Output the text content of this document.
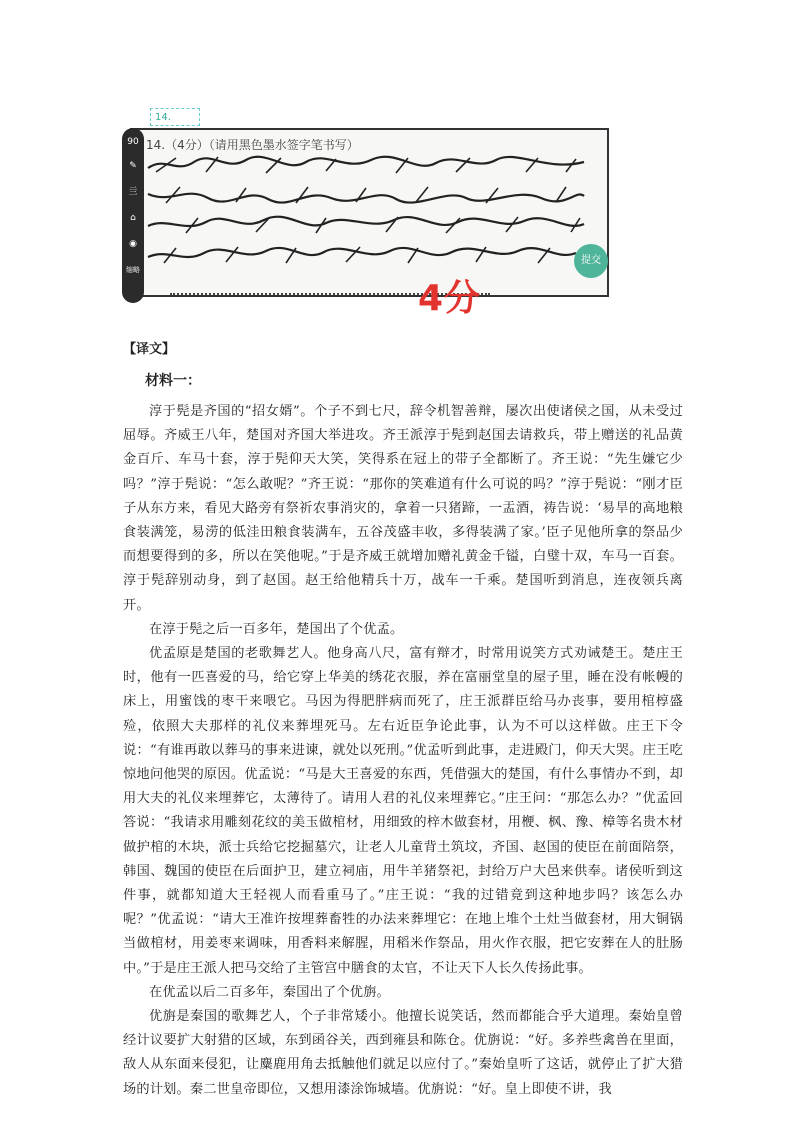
14.
14.（4分）（请用黑色墨水签字笔书写）
90
✎
亖
⌂
◉
缩略
提交
4分
【译文】
材料一：

淳于髡是齐国的“招女婿”。个子不到七尺，辞令机智善辩，屡次出使诸侯之国，从未受过屈辱。齐威王八年，楚国对齐国大举进攻。齐王派淳于髡到赵国去请救兵，带上赠送的礼品黄金百斤、车马十套，淳于髡仰天大笑，笑得系在冠上的带子全都断了。齐王说：“先生嫌它少吗？”淳于髡说：“怎么敢呢？”齐王说：“那你的笑难道有什么可说的吗？”淳于髡说：“刚才臣子从东方来，看见大路旁有祭祈农事消灾的，拿着一只猪蹄，一盂酒，祷告说：‘易旱的高地粮食装满笼，易涝的低洼田粮食装满车，五谷茂盛丰收，多得装满了家。’臣子见他所拿的祭品少而想要得到的多，所以在笑他呢。”于是齐威王就增加赠礼黄金千镒，白璧十双，车马一百套。淳于髡辞别动身，到了赵国。赵王给他精兵十万，战车一千乘。楚国听到消息，连夜领兵离开。

在淳于髡之后一百多年，楚国出了个优孟。

优孟原是楚国的老歌舞艺人。他身高八尺，富有辩才，时常用说笑方式劝诫楚王。楚庄王时，他有一匹喜爱的马，给它穿上华美的绣花衣服，养在富丽堂皇的屋子里，睡在没有帐幔的床上，用蜜饯的枣干来喂它。马因为得肥胖病而死了，庄王派群臣给马办丧事，要用棺椁盛殓，依照大夫那样的礼仪来葬埋死马。左右近臣争论此事，认为不可以这样做。庄王下令说：“有谁再敢以葬马的事来进谏，就处以死刑。”优孟听到此事，走进殿门，仰天大哭。庄王吃惊地问他哭的原因。优孟说：“马是大王喜爱的东西，凭借强大的楚国，有什么事情办不到，却用大夫的礼仪来埋葬它，太薄待了。请用人君的礼仪来埋葬它。”庄王问：“那怎么办？”优孟回答说：“我请求用雕刻花纹的美玉做棺材，用细致的梓木做套材，用楩、枫、豫、樟等名贵木材做护棺的木块，派士兵给它挖掘墓穴，让老人儿童背土筑坟，齐国、赵国的使臣在前面陪祭，韩国、魏国的使臣在后面护卫，建立祠庙，用牛羊猪祭祀，封给万户大邑来供奉。诸侯听到这件事，就都知道大王轻视人而看重马了。”庄王说：“我的过错竟到这种地步吗？该怎么办呢？”优孟说：“请大王准许按埋葬畜牲的办法来葬埋它：在地上堆个土灶当做套材，用大铜锅当做棺材，用姜枣来调味，用香料来解腥，用稻米作祭品，用火作衣服，把它安葬在人的肚肠中。”于是庄王派人把马交给了主管宫中膳食的太官，不让天下人长久传扬此事。

在优孟以后二百多年，秦国出了个优旃。

优旃是秦国的歌舞艺人，个子非常矮小。他擅长说笑话，然而都能合乎大道理。秦始皇曾经计议要扩大射猎的区域，东到函谷关，西到雍县和陈仓。优旃说：“好。多养些禽兽在里面，敌人从东面来侵犯，让麋鹿用角去抵触他们就足以应付了。”秦始皇听了这话，就停止了扩大猎场的计划。秦二世皇帝即位，又想用漆涂饰城墙。优旃说：“好。皇上即使不讲，我
